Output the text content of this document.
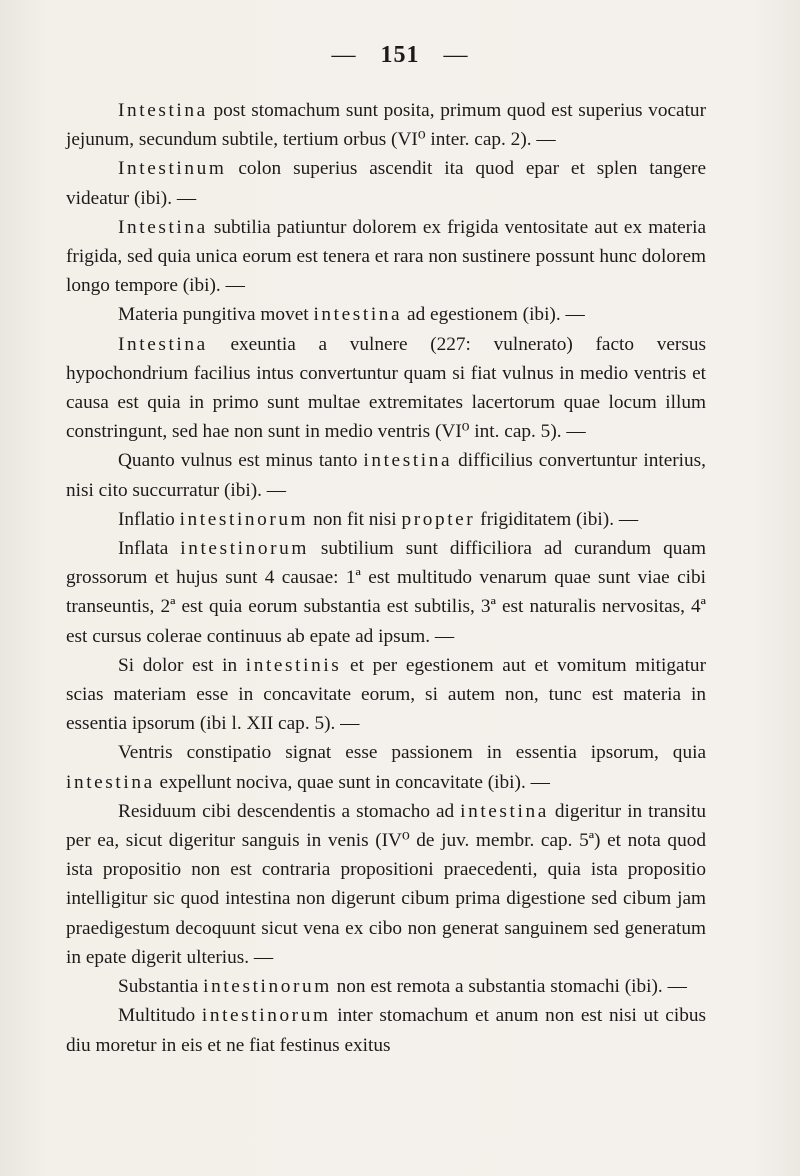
— 151 —

Intestina post stomachum sunt posita, primum quod est superius vocatur jejunum, secundum subtile, tertium orbus (VI⁰ inter. cap. 2). —

Intestinum colon superius ascendit ita quod epar et splen tangere videatur (ibi). —

Intestina subtilia patiuntur dolorem ex frigida ventositate aut ex materia frigida, sed quia unica eorum est tenera et rara non sustinere possunt hunc dolorem longo tempore (ibi). —

Materia pungitiva movet intestina ad egestionem (ibi). —

Intestina exeuntia a vulnere (227: vulnerato) facto versus hypochondrium facilius intus convertuntur quam si fiat vulnus in medio ventris et causa est quia in primo sunt multae extremitates lacertorum quae locum illum constringunt, sed hae non sunt in medio ventris (VI⁰ int. cap. 5). —

Quanto vulnus est minus tanto intestina difficilius convertuntur interius, nisi cito succurratur (ibi). —

Inflatio intestinorum non fit nisi propter frigiditatem (ibi). —

Inflata intestinorum subtilium sunt difficiliora ad curandum quam grossorum et hujus sunt 4 causae: 1ª est multitudo venarum quae sunt viae cibi transeuntis, 2ª est quia eorum substantia est subtilis, 3ª est naturalis nervositas, 4ª est cursus colerae continuus ab epate ad ipsum. —

Si dolor est in intestinis et per egestionem aut et vomitum mitigatur scias materiam esse in concavitate eorum, si autem non, tunc est materia in essentia ipsorum (ibi l. XII cap. 5). —

Ventris constipatio signat esse passionem in essentia ipsorum, quia intestina expellunt nociva, quae sunt in concavitate (ibi). —

Residuum cibi descendentis a stomacho ad intestina digeritur in transitu per ea, sicut digeritur sanguis in venis (IV⁰ de juv. membr. cap. 5ª) et nota quod ista propositio non est contraria propositioni praecedenti, quia ista propositio intelligitur sic quod intestina non digerunt cibum prima digestione sed cibum jam praedigestum decoquunt sicut vena ex cibo non generat sanguinem sed generatum in epate digerit ulterius. —

Substantia intestinorum non est remota a substantia stomachi (ibi). —

Multitudo intestinorum inter stomachum et anum non est nisi ut cibus diu moretur in eis et ne fiat festinus exitus
